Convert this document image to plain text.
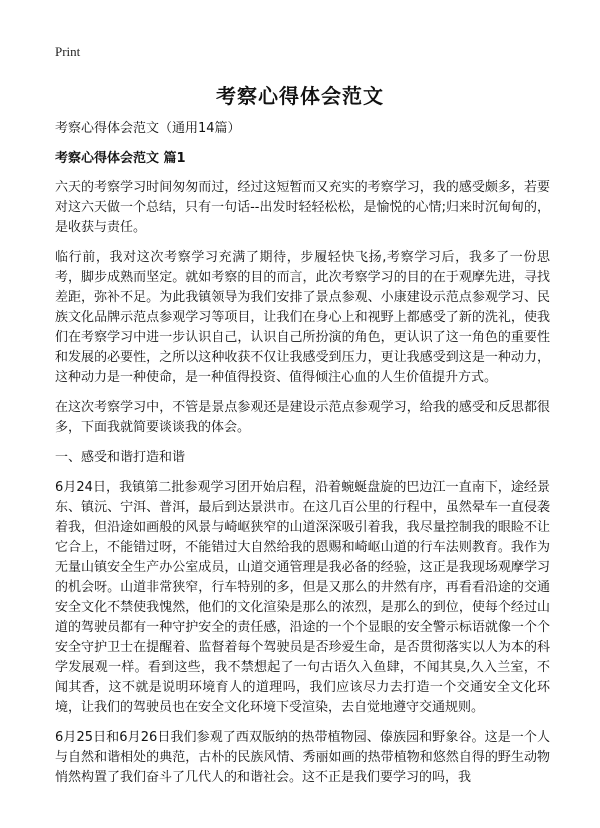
Print
考察心得体会范文

考察心得体会范文（通用14篇）

考察心得体会范文 篇1

六天的考察学习时间匆匆而过，经过这短暂而又充实的考察学习，我的感受颇多，若要对这六天做一个总结，只有一句话--出发时轻轻松松，是愉悦的心情;归来时沉甸甸的，是收获与责任。

临行前，我对这次考察学习充满了期待，步履轻快飞扬,考察学习后，我多了一份思考，脚步成熟而坚定。就如考察的目的而言，此次考察学习的目的在于观摩先进，寻找差距，弥补不足。为此我镇领导为我们安排了景点参观、小康建设示范点参观学习、民族文化品牌示范点参观学习等项目，让我们在身心上和视野上都感受了新的洗礼，使我们在考察学习中进一步认识自己，认识自己所扮演的角色，更认识了这一角色的重要性和发展的必要性，之所以这种收获不仅让我感受到压力，更让我感受到这是一种动力，这种动力是一种使命，是一种值得投资、值得倾注心血的人生价值提升方式。

在这次考察学习中，不管是景点参观还是建设示范点参观学习，给我的感受和反思都很多，下面我就简要谈谈我的体会。

一、感受和谐打造和谐

6月24日，我镇第二批参观学习团开始启程，沿着蜿蜒盘旋的巴边江一直南下，途经景东、镇沅、宁洱、普洱，最后到达景洪市。在这几百公里的行程中，虽然晕车一直侵袭着我，但沿途如画般的风景与崎岖狭窄的山道深深吸引着我，我尽量控制我的眼睑不让它合上，不能错过呀，不能错过大自然给我的恩赐和崎岖山道的行车法则教育。我作为无量山镇安全生产办公室成员，山道交通管理是我必备的经验，这正是我现场观摩学习的机会呀。山道非常狭窄，行车特别的多，但是又那么的井然有序，再看看沿途的交通安全文化不禁使我愧然，他们的文化渲染是那么的浓烈，是那么的到位，使每个经过山道的驾驶员都有一种守护安全的责任感，沿途的一个个显眼的安全警示标语就像一个个安全守护卫士在提醒着、监督着每个驾驶员是否珍爱生命，是否贯彻落实以人为本的科学发展观一样。看到这些，我不禁想起了一句古语久入鱼肆，不闻其臭,久入兰室，不闻其香，这不就是说明环境育人的道理吗，我们应该尽力去打造一个交通安全文化环境，让我们的驾驶员也在安全文化环境下受渲染，去自觉地遵守交通规则。

6月25日和6月26日我们参观了西双版纳的热带植物园、傣族园和野象谷。这是一个人与自然和谐相处的典范，古朴的民族风情、秀丽如画的热带植物和悠然自得的野生动物悄然构置了我们奋斗了几代人的和谐社会。这不正是我们要学习的吗，我
